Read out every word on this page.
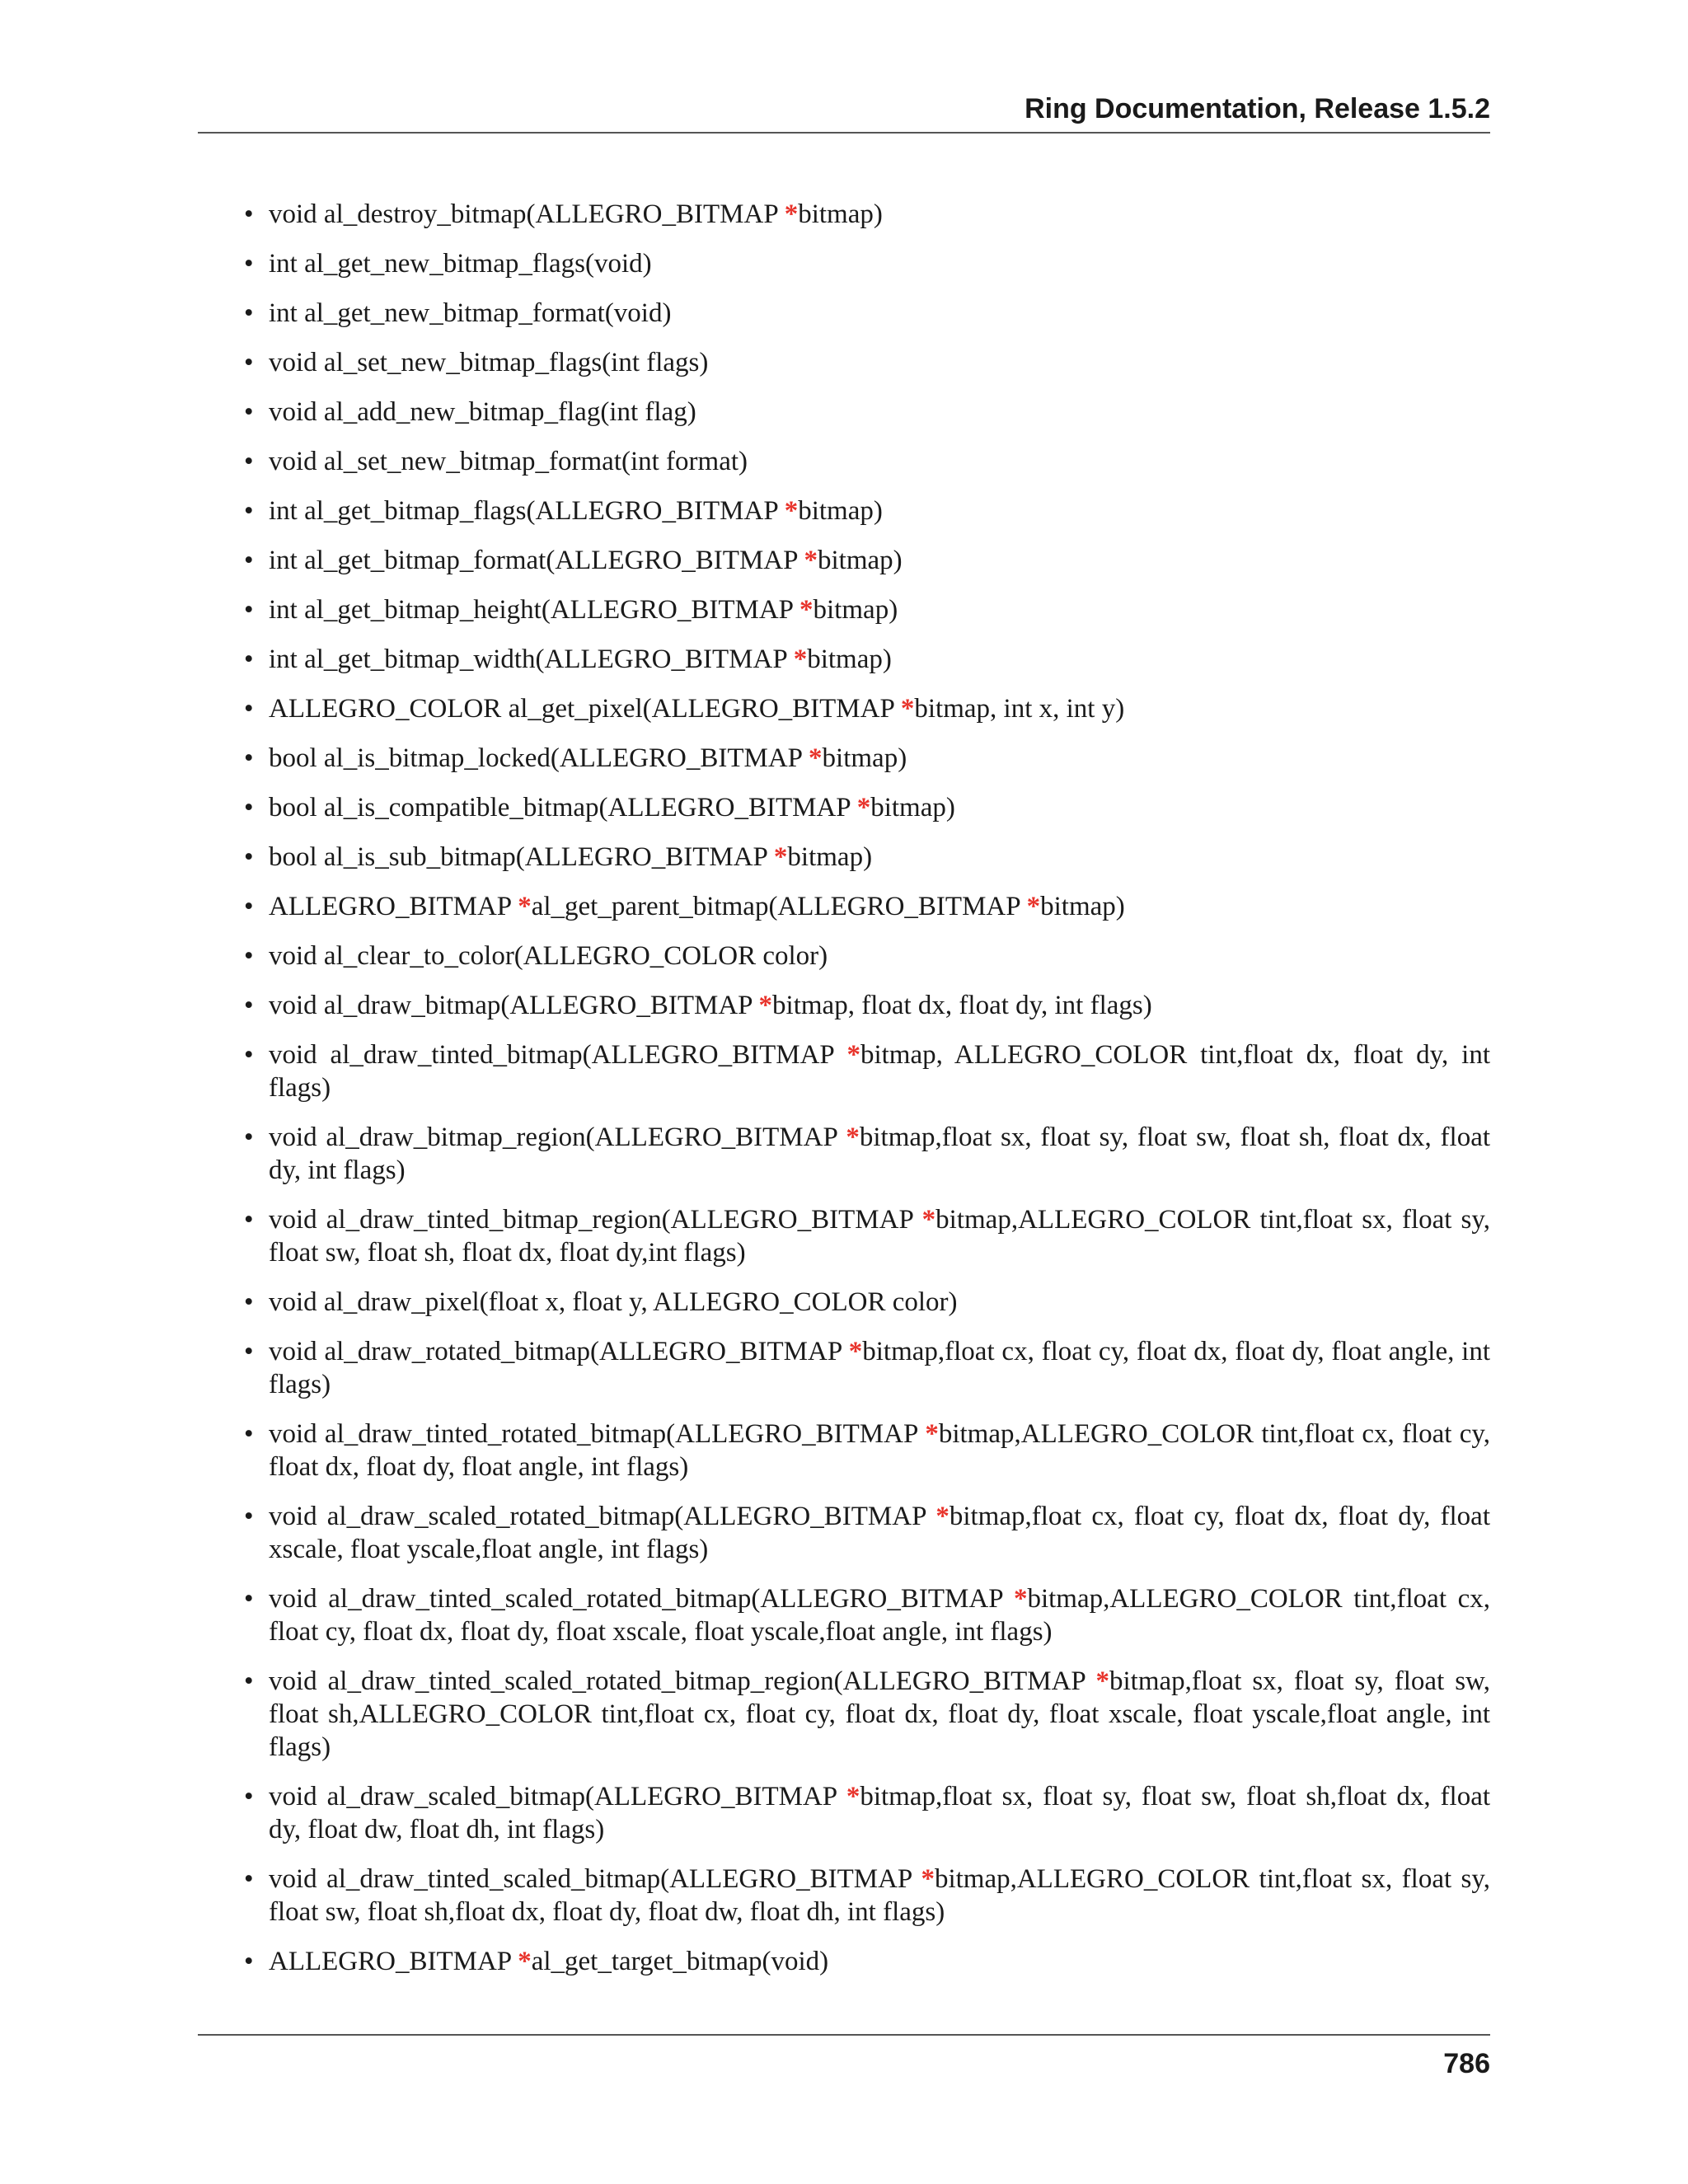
Ring Documentation, Release 1.5.2
• void al_destroy_bitmap(ALLEGRO_BITMAP *bitmap)
• int al_get_new_bitmap_flags(void)
• int al_get_new_bitmap_format(void)
• void al_set_new_bitmap_flags(int flags)
• void al_add_new_bitmap_flag(int flag)
• void al_set_new_bitmap_format(int format)
• int al_get_bitmap_flags(ALLEGRO_BITMAP *bitmap)
• int al_get_bitmap_format(ALLEGRO_BITMAP *bitmap)
• int al_get_bitmap_height(ALLEGRO_BITMAP *bitmap)
• int al_get_bitmap_width(ALLEGRO_BITMAP *bitmap)
• ALLEGRO_COLOR al_get_pixel(ALLEGRO_BITMAP *bitmap, int x, int y)
• bool al_is_bitmap_locked(ALLEGRO_BITMAP *bitmap)
• bool al_is_compatible_bitmap(ALLEGRO_BITMAP *bitmap)
• bool al_is_sub_bitmap(ALLEGRO_BITMAP *bitmap)
• ALLEGRO_BITMAP *al_get_parent_bitmap(ALLEGRO_BITMAP *bitmap)
• void al_clear_to_color(ALLEGRO_COLOR color)
• void al_draw_bitmap(ALLEGRO_BITMAP *bitmap, float dx, float dy, int flags)
• void al_draw_tinted_bitmap(ALLEGRO_BITMAP *bitmap, ALLEGRO_COLOR tint,float dx, float dy, int flags)
• void al_draw_bitmap_region(ALLEGRO_BITMAP *bitmap,float sx, float sy, float sw, float sh, float dx, float dy, int flags)
• void al_draw_tinted_bitmap_region(ALLEGRO_BITMAP *bitmap,ALLEGRO_COLOR tint,float sx, float sy, float sw, float sh, float dx, float dy,int flags)
• void al_draw_pixel(float x, float y, ALLEGRO_COLOR color)
• void al_draw_rotated_bitmap(ALLEGRO_BITMAP *bitmap,float cx, float cy, float dx, float dy, float angle, int flags)
• void al_draw_tinted_rotated_bitmap(ALLEGRO_BITMAP *bitmap,ALLEGRO_COLOR tint,float cx, float cy, float dx, float dy, float angle, int flags)
• void al_draw_scaled_rotated_bitmap(ALLEGRO_BITMAP *bitmap,float cx, float cy, float dx, float dy, float xscale, float yscale,float angle, int flags)
• void al_draw_tinted_scaled_rotated_bitmap(ALLEGRO_BITMAP *bitmap,ALLEGRO_COLOR tint,float cx, float cy, float dx, float dy, float xscale, float yscale,float angle, int flags)
• void al_draw_tinted_scaled_rotated_bitmap_region(ALLEGRO_BITMAP *bitmap,float sx, float sy, float sw, float sh,ALLEGRO_COLOR tint,float cx, float cy, float dx, float dy, float xscale, float yscale,float angle, int flags)
• void al_draw_scaled_bitmap(ALLEGRO_BITMAP *bitmap,float sx, float sy, float sw, float sh,float dx, float dy, float dw, float dh, int flags)
• void al_draw_tinted_scaled_bitmap(ALLEGRO_BITMAP *bitmap,ALLEGRO_COLOR tint,float sx, float sy, float sw, float sh,float dx, float dy, float dw, float dh, int flags)
• ALLEGRO_BITMAP *al_get_target_bitmap(void)
786
